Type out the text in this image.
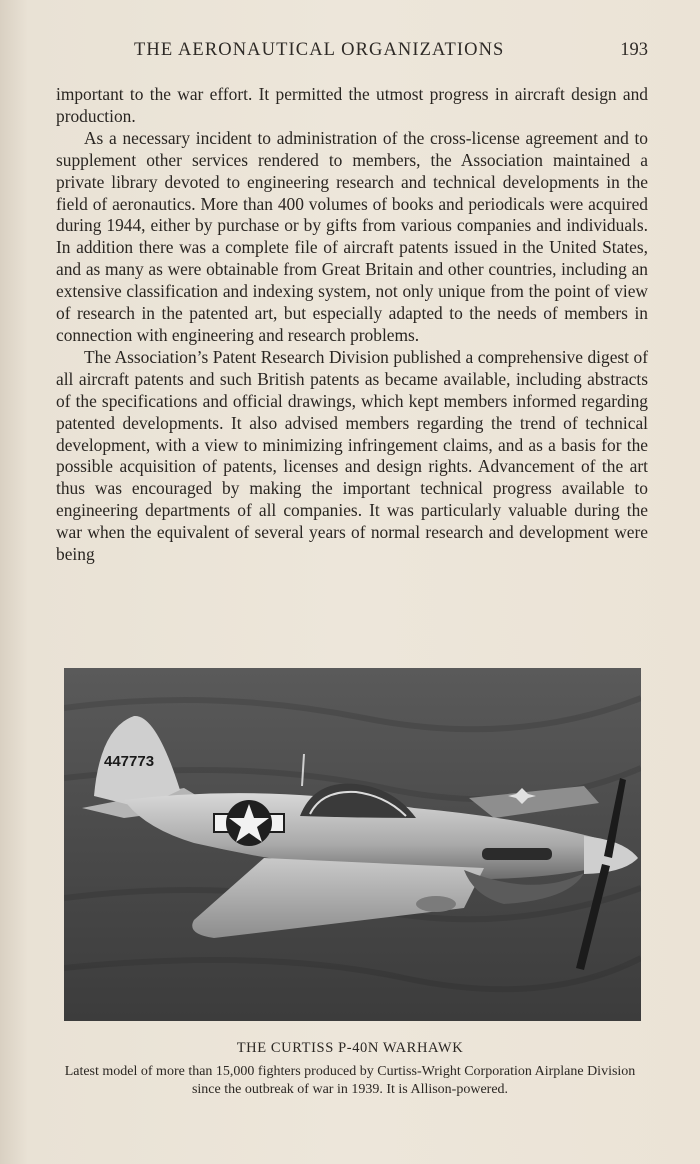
THE AERONAUTICAL ORGANIZATIONS	193

important to the war effort. It permitted the utmost progress in aircraft design and production.

As a necessary incident to administration of the cross-license agreement and to supplement other services rendered to members, the Association maintained a private library devoted to engineering research and technical developments in the field of aeronautics. More than 400 volumes of books and periodicals were acquired during 1944, either by purchase or by gifts from various companies and individuals. In addition there was a complete file of aircraft patents issued in the United States, and as many as were obtainable from Great Britain and other countries, including an extensive classification and indexing system, not only unique from the point of view of research in the patented art, but especially adapted to the needs of members in connection with engineering and research problems.

The Association’s Patent Research Division published a comprehensive digest of all aircraft patents and such British patents as became available, including abstracts of the specifications and official drawings, which kept members informed regarding patented developments. It also advised members regarding the trend of technical development, with a view to minimizing infringement claims, and as a basis for the possible acquisition of patents, licenses and design rights. Advancement of the art thus was encouraged by making the important technical progress available to engineering departments of all companies. It was particularly valuable during the war when the equivalent of several years of normal research and development were being

447773
THE CURTISS P-40N WARHAWK
Latest model of more than 15,000 fighters produced by Curtiss-Wright Corporation Airplane Division since the outbreak of war in 1939. It is Allison-powered.
